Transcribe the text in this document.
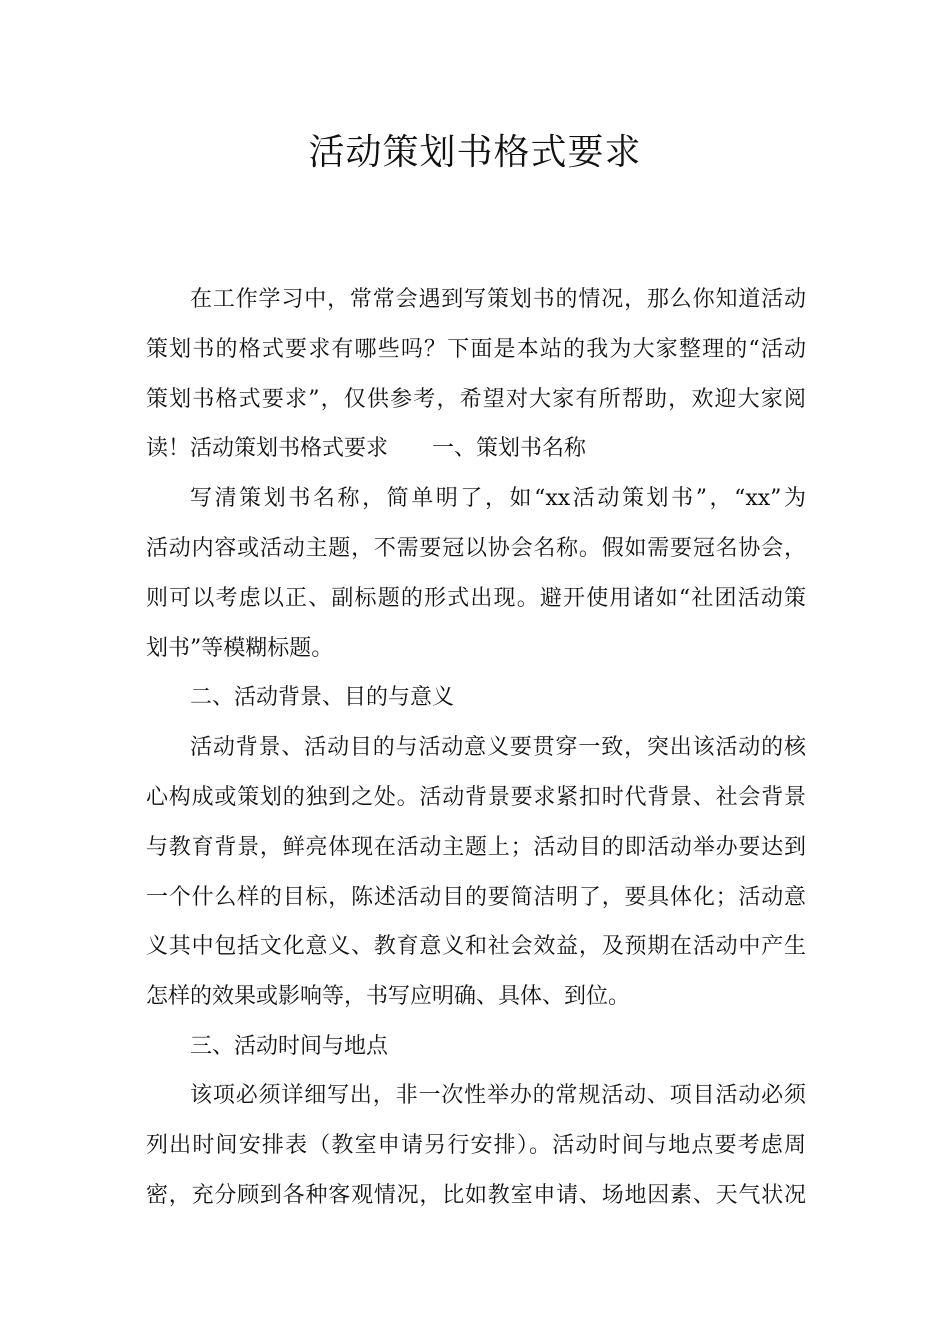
活动策划书格式要求
在工作学习中，常常会遇到写策划书的情况，那么你知道活动
策划书的格式要求有哪些吗？下面是本站的我为大家整理的“活动
策划书格式要求”，仅供参考，希望对大家有所帮助，欢迎大家阅
读！活动策划书格式要求 一、策划书名称
写清策划书名称，简单明了，如“xx活动策划书”，“xx”为
活动内容或活动主题，不需要冠以协会名称。假如需要冠名协会，
则可以考虑以正、副标题的形式出现。避开使用诸如“社团活动策
划书”等模糊标题。
二、活动背景、目的与意义
活动背景、活动目的与活动意义要贯穿一致，突出该活动的核
心构成或策划的独到之处。活动背景要求紧扣时代背景、社会背景
与教育背景，鲜亮体现在活动主题上；活动目的即活动举办要达到
一个什么样的目标，陈述活动目的要简洁明了，要具体化；活动意
义其中包括文化意义、教育意义和社会效益，及预期在活动中产生
怎样的效果或影响等，书写应明确、具体、到位。
三、活动时间与地点
该项必须详细写出，非一次性举办的常规活动、项目活动必须
列出时间安排表（教室申请另行安排）。活动时间与地点要考虑周
密，充分顾到各种客观情况，比如教室申请、场地因素、天气状况
